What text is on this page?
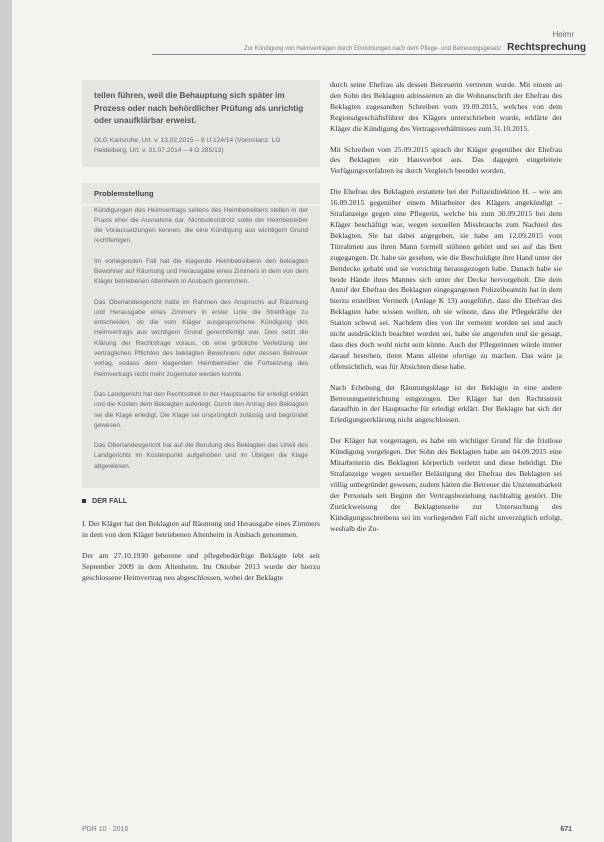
Heimr
Zur Kündigung von Heimverträgen durch Einrichtungen nach dem Pflege- und Betreuungsgesetz Rechtsprechung

teilen führen, weil die Behauptung sich später im Prozess oder nach behördlicher Prüfung als unrichtig oder unaufklärbar erweist.

OLG Karlsruhe, Urt. v. 13.02.2015 – 9 U 124/14 (Vorinstanz: LG Heidelberg, Urt. v. 31.07.2014 – 4 O 285/13)

Problemstellung

Kündigungen des Heimvertrags seitens des Heimbetreibers stellen in der Praxis eher die Ausnahme dar. Nichtsdestotrotz sollte der Heimbetreiber die Voraussetzungen kennen, die eine Kündigung aus wichtigem Grund rechtfertigen.

Im vorliegenden Fall hat die klagende Heimbetreiberin den beklagten Bewohner auf Räumung und Herausgabe eines Zimmers in dem von dem Kläger betriebenen Altenheim in Ansbach genommen.

Das Oberlandesgericht hatte im Rahmen des Anspruchs auf Räumung und Herausgabe eines Zimmers in erster Linie die Streitfrage zu entscheiden, ob die vom Kläger ausgesprochene Kündigung des Heimvertrags aus wichtigem Grund gerechtfertigt war. Dies setzt die Klärung der Rechtsfrage voraus, ob eine gröbliche Verletzung der vertraglichen Pflichten des beklagten Bewohners oder dessen Betreuer vorlag, sodass dem klagenden Heimbetreiber die Fortsetzung des Heimvertrags nicht mehr zugemutet werden konnte.

Das Landgericht hat den Rechtsstreit in der Hauptsache für erledigt erklärt und die Kosten dem Beklagten auferlegt. Durch den Antrag des Beklagten sei die Klage erledigt. Die Klage sei ursprünglich zulässig und begründet gewesen.

Das Oberlandesgericht hat auf die Berufung des Beklagten das Urteil des Landgerichts im Kostenpunkt aufgehoben und im Übrigen die Klage abgewiesen.

DER FALL

I. Der Kläger hat den Beklagten auf Räumung und Herausgabe eines Zimmers in dem von dem Kläger betriebenen Altenheim in Ansbach genommen.

Der am 27.10.1930 geborene und pflegebedürftige Beklagte lebt seit September 2009 in dem Altenheim. Im Oktober 2013 wurde der hierzu geschlossene Heimvertrag neu abgeschlossen, wobei der Beklagte

durch seine Ehefrau als dessen Betreuerin vertreten wurde. Mit einem an den Sohn des Beklagten adressierten an die Wohnanschrift der Ehefrau des Beklagten zugesandten Schreiben vom 19.09.2015, welches von dem Regionalgeschäftsführer des Klägers unterschrieben wurde, erklärte der Kläger die Kündigung des Vertragsverhältnisses zum 31.10.2015.

Mit Schreiben vom 25.09.2015 sprach der Kläger gegenüber der Ehefrau des Beklagten ein Hausverbot aus. Das dagegen eingeleitete Verfügungsverfahren ist durch Vergleich beendet worden.

Die Ehefrau des Beklagten erstattete bei der Polizeidirektion H. – wie am 16.09.2015 gegenüber einem Mitarbeiter des Klägers angekündigt – Strafanzeige gegen eine Pflegerin, welche bis zum 30.09.2015 bei dem Kläger beschäftigt war, wegen sexuellen Missbrauchs zum Nachteil des Beklagten. Sie hat dabei angegeben, sie habe am 12.09.2015 vom Türrahmen aus ihren Mann formell stöhnen gehört und sei auf das Bett zugegangen. Dr. habe sie gesehen, wie die Beschuldigte ihre Hand unter der Bettdecke gehabt und sie vorsichtig herausgezogen habe. Danach habe sie beide Hände ihres Mannes sich unter der Decke hervorgeholt. Die dem Anruf der Ehefrau des Beklagten eingegangenen Polizeibeamtin hat in dem hierzu erstellten Vermerk (Anlage K 13) ausgeführt, dass die Ehefrau des Beklagten habe wissen wollen, ob sie wüsste, dass die Pflegekräfte der Station schwul sei. Nachdem dies von ihr verneint worden sei und auch nicht ausdrücklich beachtet worden sei, habe sie angerufen und sie gesagt, dass dies doch wohl nicht sein könne. Auch der Pflegerinnen würde immer darauf bestehen, ihren Mann alleine ofertige zu machen. Das wäre ja offensichtlich, was für Absichten diese habe.

Nach Erhebung der Räumungsklage ist der Beklagte in eine andere Betreuungseinrichtung eingezogen. Der Kläger hat den Rechtsstreit daraufhin in der Hauptsache für erledigt erklärt. Der Beklagte hat sich der Erledigungserklärung nicht angeschlossen.

Der Kläger hat vorgetragen, es habe ein wichtiger Grund für die fristlose Kündigung vorgelegen. Der Sohn des Beklagten habe am 04.09.2015 eine Mitarbeiterin des Beklagten körperlich verletzt und diese beleidigt. Die Strafanzeige wegen sexueller Belästigung der Ehefrau des Beklagten sei völlig unbegründet gewesen, zudem hätten die Betreuer die Unzumutbarkeit der Personals seit Beginn der Vertragsbeziehung nachhaltig gestört. Die Zurückweisung der Beklagtenseite zur Untersuchung des Kündigungsschreibens sei im vorliegenden Fall nicht unverzüglich erfolgt, weshalb die Zu-

PDR 10 · 2016	671
